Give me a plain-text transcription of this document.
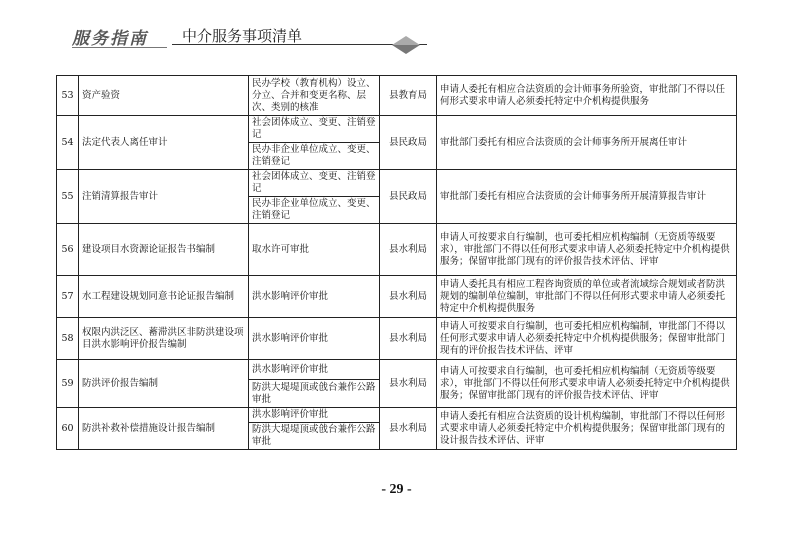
服务指南 中介服务事项清单
53	资产验资	民办学校（教育机构）设立、分立、合并和变更名称、层次、类别的核准	县教育局	申请人委托有相应合法资质的会计师事务所验资，审批部门不得以任何形式要求申请人必须委托特定中介机构提供服务
54	法定代表人离任审计	社会团体成立、变更、注销登记	县民政局	审批部门委托有相应合法资质的会计师事务所开展离任审计
		民办非企业单位成立、变更、注销登记		
55	注销清算报告审计	社会团体成立、变更、注销登记	县民政局	审批部门委托有相应合法资质的会计师事务所开展清算报告审计
		民办非企业单位成立、变更、注销登记		
56	建设项目水资源论证报告书编制	取水许可审批	县水利局	申请人可按要求自行编制，也可委托相应机构编制（无资质等级要求），审批部门不得以任何形式要求申请人必须委托特定中介机构提供服务；保留审批部门现有的评价报告技术评估、评审
57	水工程建设规划同意书论证报告编制	洪水影响评价审批	县水利局	申请人委托具有相应工程咨询资质的单位或者流域综合规划或者防洪规划的编制单位编制，审批部门不得以任何形式要求申请人必须委托特定中介机构提供服务
58	权限内洪泛区、蓄滞洪区非防洪建设项目洪水影响评价报告编制	洪水影响评价审批	县水利局	申请人可按要求自行编制，也可委托相应机构编制，审批部门不得以任何形式要求申请人必须委托特定中介机构提供服务；保留审批部门现有的评价报告技术评估、评审
59	防洪评价报告编制	洪水影响评价审批	县水利局	申请人可按要求自行编制，也可委托相应机构编制（无资质等级要求），审批部门不得以任何形式要求申请人必须委托特定中介机构提供服务；保留审批部门现有的评价报告技术评估、评审
		防洪大堤堤顶或戗台兼作公路审批		
60	防洪补救补偿措施设计报告编制	洪水影响评价审批	县水利局	申请人委托有相应合法资质的设计机构编制，审批部门不得以任何形式要求申请人必须委托特定中介机构提供服务；保留审批部门现有的设计报告技术评估、评审
		防洪大堤堤顶或戗台兼作公路审批		
- 29 -
